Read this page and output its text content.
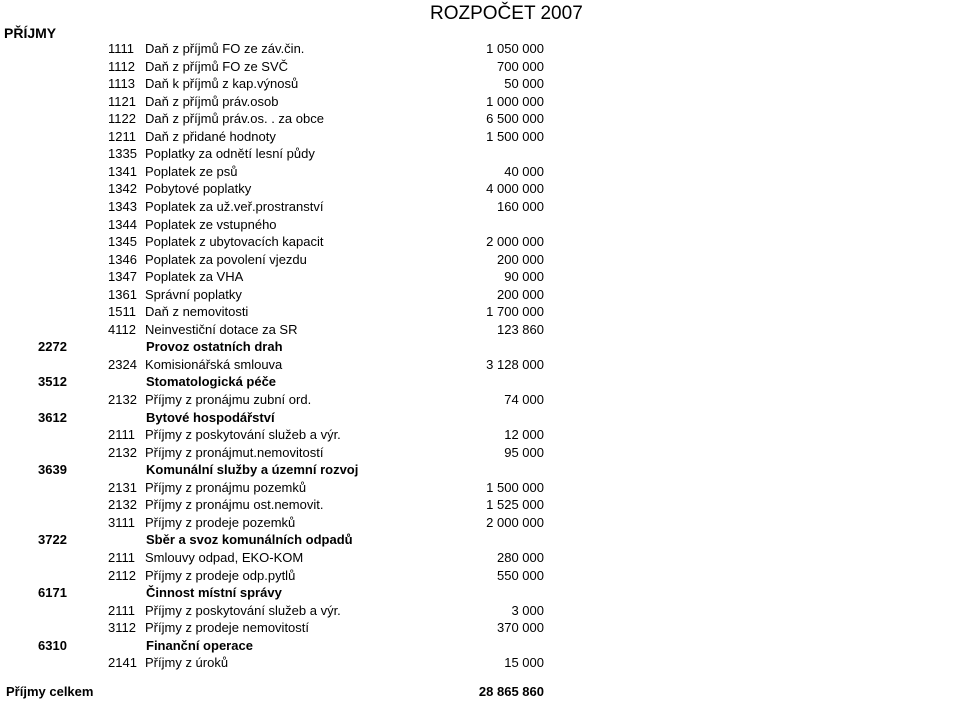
ROZPOČET 2007
PŘÍJMY
1111 Daň z příjmů FO ze záv.čin.	1 050 000
1112 Daň z příjmů FO ze SVČ	700 000
1113 Daň k příjmů z kap.výnosů	50 000
1121 Daň z příjmů práv.osob	1 000 000
1122 Daň z příjmů práv.os. . za obce	6 500 000
1211 Daň z přidané hodnoty	1 500 000
1335 Poplatky za odnětí lesní půdy
1341 Poplatek ze psů	40 000
1342 Pobytové poplatky	4 000 000
1343 Poplatek za už.veř.prostranství	160 000
1344 Poplatek ze vstupného
1345 Poplatek z ubytovacích kapacit	2 000 000
1346 Poplatek za povolení vjezdu	200 000
1347 Poplatek za VHA	90 000
1361 Správní poplatky	200 000
1511 Daň z nemovitosti	1 700 000
4112 Neinvestiční dotace za SR	123 860
2272	Provoz ostatních drah
2324 Komisionářská smlouva	3 128 000
3512	Stomatologická péče
2132 Příjmy z pronájmu zubní ord.	74 000
3612	Bytové hospodářství
2111 Příjmy z poskytování služeb a výr.	12 000
2132 Příjmy z pronájmut.nemovitostí	95 000
3639	Komunální služby a územní rozvoj
2131 Příjmy z pronájmu pozemků	1 500 000
2132 Příjmy z pronájmu ost.nemovit.	1 525 000
3111 Příjmy z prodeje pozemků	2 000 000
3722	Sběr a svoz komunálních odpadů
2111 Smlouvy odpad, EKO-KOM	280 000
2112 Příjmy z prodeje odp.pytlů	550 000
6171	Činnost místní správy
2111 Příjmy z poskytování služeb a výr.	3 000
3112 Příjmy z prodeje nemovitostí	370 000
6310	Finanční operace
2141 Příjmy z úroků	15 000
Příjmy celkem	28 865 860
